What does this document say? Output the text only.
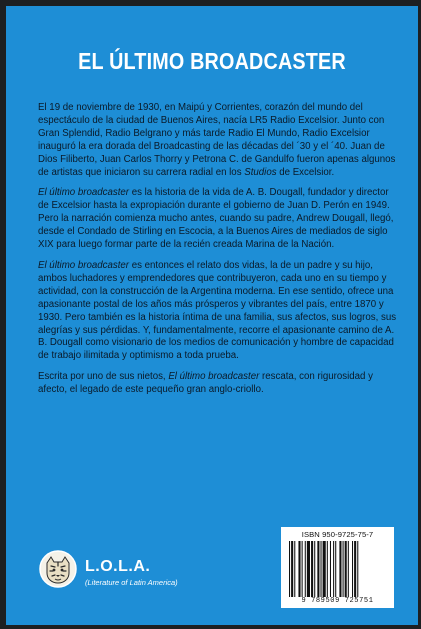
EL ÚLTIMO BROADCASTER

El 19 de noviembre de 1930, en Maipú y Corrientes, corazón del mundo del espectáculo de la ciudad de Buenos Aires, nacía LR5 Radio Excelsior. Junto con Gran Splendid, Radio Belgrano y más tarde Radio El Mundo, Radio Excelsior inauguró la era dorada del Broadcasting de las décadas del ´30 y el ´40. Juan de Dios Filiberto, Juan Carlos Thorry y Petrona C. de Gandulfo fueron apenas algunos de artistas que iniciaron su carrera radial en los Studios de Excelsior.

El último broadcaster es la historia de la vida de A. B. Dougall, fundador y director de Excelsior hasta la expropiación durante el gobierno de Juan D. Perón en 1949. Pero la narración comienza mucho antes, cuando su padre, Andrew Dougall, llegó, desde el Condado de Stirling en Escocia, a la Buenos Aires de mediados de siglo XIX para luego formar parte de la recién creada Marina de la Nación.

El último broadcaster es entonces el relato dos vidas, la de un padre y su hijo, ambos luchadores y emprendedores que contribuyeron, cada uno en su tiempo y actividad, con la construcción de la Argentina moderna. En ese sentido, ofrece una apasionante postal de los años más prósperos y vibrantes del país, entre 1870 y 1930. Pero también es la historia íntima de una familia, sus afectos, sus logros, sus alegrías y sus pérdidas. Y, fundamentalmente, recorre el apasionante camino de A. B. Dougall como visionario de los medios de comunicación y hombre de capacidad de trabajo ilimitada y optimismo a toda prueba.

Escrita por uno de sus nietos, El último broadcaster rescata, con rigurosidad y afecto, el legado de este pequeño gran anglo-criollo.

L.O.L.A.
(Literature of Latin America)
ISBN 950-9725-75-7
9 789509 725751
